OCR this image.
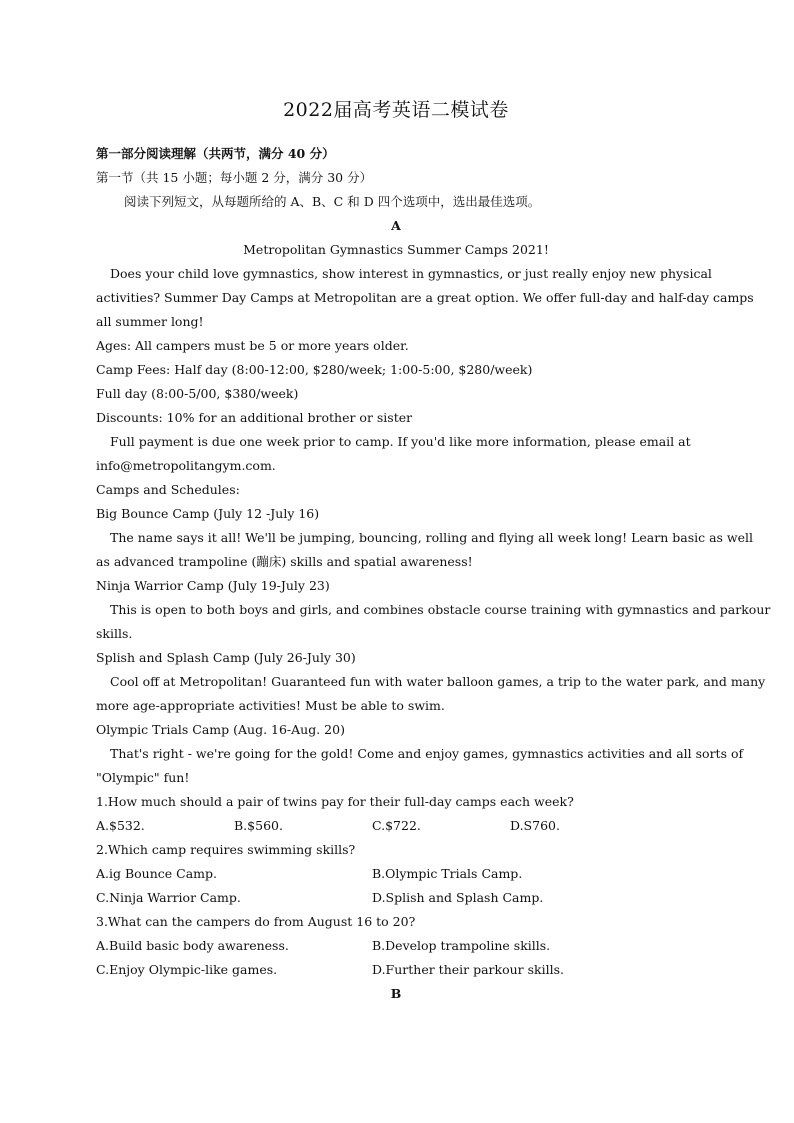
2022届高考英语二模试卷
第一部分阅读理解（共两节，满分 40 分）
第一节（共 15 小题；每小题 2 分，满分 30 分）
阅读下列短文，从每题所给的 A、B、C 和 D 四个选项中，选出最佳选项。
A
Metropolitan Gymnastics Summer Camps 2021!
Does your child love gymnastics, show interest in gymnastics, or just really enjoy new physical
activities? Summer Day Camps at Metropolitan are a great option. We offer full-day and half-day camps
all summer long!
Ages: All campers must be 5 or more years older.
Camp Fees: Half day (8:00-12:00, $280/week; 1:00-5:00, $280/week)
Full day (8:00-5/00, $380/week)
Discounts: 10% for an additional brother or sister
Full payment is due one week prior to camp. If you'd like more information, please email at
info@metropolitangym.com.
Camps and Schedules:
Big Bounce Camp (July 12 -July 16)
The name says it all! We'll be jumping, bouncing, rolling and flying all week long! Learn basic as well
as advanced trampoline (蹦床) skills and spatial awareness!
Ninja Warrior Camp (July 19-July 23)
This is open to both boys and girls, and combines obstacle course training with gymnastics and parkour
skills.
Splish and Splash Camp (July 26-July 30)
Cool off at Metropolitan! Guaranteed fun with water balloon games, a trip to the water park, and many
more age-appropriate activities! Must be able to swim.
Olympic Trials Camp (Aug. 16-Aug. 20)
That's right - we're going for the gold! Come and enjoy games, gymnastics activities and all sorts of
"Olympic" fun!
1.How much should a pair of twins pay for their full-day camps each week?
A.$532.	B.$560.	C.$722.	D.S760.
2.Which camp requires swimming skills?
A.ig Bounce Camp.	B.Olympic Trials Camp.
C.Ninja Warrior Camp.	D.Splish and Splash Camp.
3.What can the campers do from August 16 to 20?
A.Build basic body awareness.	B.Develop trampoline skills.
C.Enjoy Olympic-like games.	D.Further their parkour skills.
B
